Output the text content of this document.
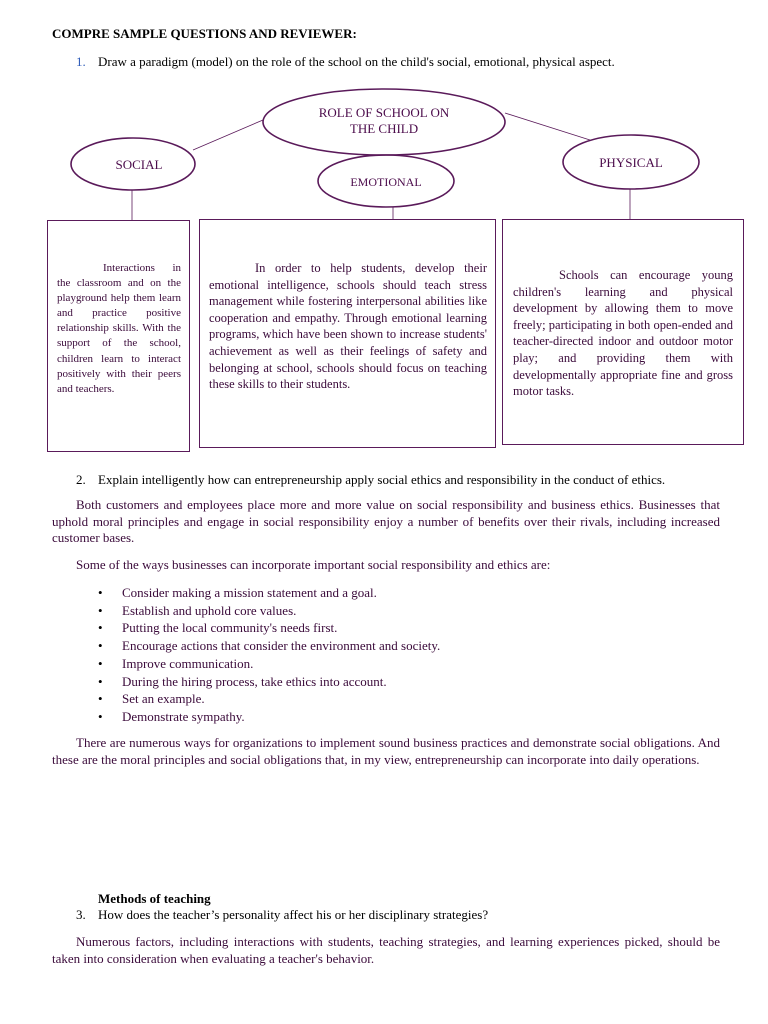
COMPRE SAMPLE QUESTIONS AND REVIEWER:
1. Draw a paradigm (model) on the role of the school on the child's social, emotional, physical aspect.
ROLE OF SCHOOL ON
THE CHILD
SOCIAL
EMOTIONAL
PHYSICAL

Interactions in the classroom and on the playground help them learn and practice positive relationship skills. With the support of the school, children learn to interact positively with their peers and teachers.

In order to help students, develop their emotional intelligence, schools should teach stress management while fostering interpersonal abilities like cooperation and empathy. Through emotional learning programs, which have been shown to increase students' achievement as well as their feelings of safety and belonging at school, schools should focus on teaching these skills to their students.

Schools can encourage young children's learning and physical development by allowing them to move freely; participating in both open-ended and teacher-directed indoor and outdoor motor play; and providing them with developmentally appropriate fine and gross motor tasks.

2. Explain intelligently how can entrepreneurship apply social ethics and responsibility in the conduct of ethics.

Both customers and employees place more and more value on social responsibility and business ethics. Businesses that uphold moral principles and engage in social responsibility enjoy a number of benefits over their rivals, including increased customer bases.

Some of the ways businesses can incorporate important social responsibility and ethics are:

• Consider making a mission statement and a goal.
• Establish and uphold core values.
• Putting the local community's needs first.
• Encourage actions that consider the environment and society.
• Improve communication.
• During the hiring process, take ethics into account.
• Set an example.
• Demonstrate sympathy.

There are numerous ways for organizations to implement sound business practices and demonstrate social obligations. And these are the moral principles and social obligations that, in my view, entrepreneurship can incorporate into daily operations.

Methods of teaching
3. How does the teacher’s personality affect his or her disciplinary strategies?

Numerous factors, including interactions with students, teaching strategies, and learning experiences picked, should be taken into consideration when evaluating a teacher's behavior.
